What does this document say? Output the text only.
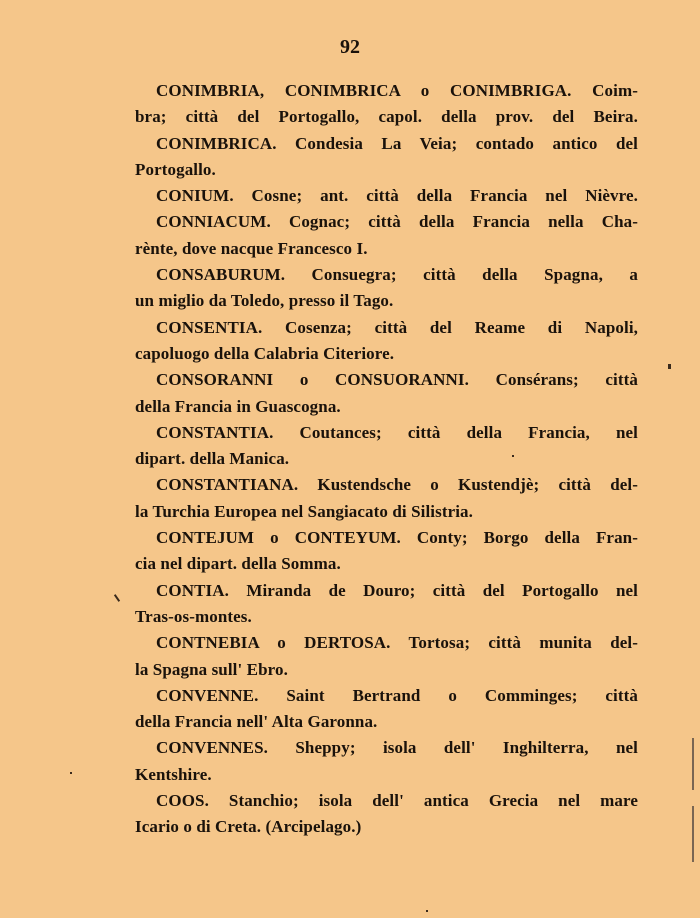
92
CONIMBRIA, CONIMBRICA o CONIMBRIGA. Coim-
bra; città del Portogallo, capol. della prov. del Beira.
CONIMBRICA. Condesia La Veia; contado antico del
Portogallo.
CONIUM. Cosne; ant. città della Francia nel Nièvre.
CONNIACUM. Cognac; città della Francia nella Cha-
rènte, dove nacque Francesco I.
CONSABURUM. Consuegra; città della Spagna, a
un miglio da Toledo, presso il Tago.
CONSENTIA. Cosenza; città del Reame di Napoli,
capoluogo della Calabria Citeriore.
CONSORANNI o CONSUORANNI. Consérans; città
della Francia in Guascogna.
CONSTANTIA. Coutances; città della Francia, nel
dipart. della Manica.
CONSTANTIANA. Kustendsche o Kustendjè; città del-
la Turchia Europea nel Sangiacato di Silistria.
CONTEJUM o CONTEYUM. Conty; Borgo della Fran-
cia nel dipart. della Somma.
CONTIA. Miranda de Douro; città del Portogallo nel
Tras-os-montes.
CONTNEBIA o DERTOSA. Tortosa; città munita del-
la Spagna sull' Ebro.
CONVENNE. Saint Bertrand o Comminges; città
della Francia nell' Alta Garonna.
CONVENNES. Sheppy; isola dell' Inghilterra, nel
Kentshire.
COOS. Stanchio; isola dell' antica Grecia nel mare
Icario o di Creta. (Arcipelago.)
